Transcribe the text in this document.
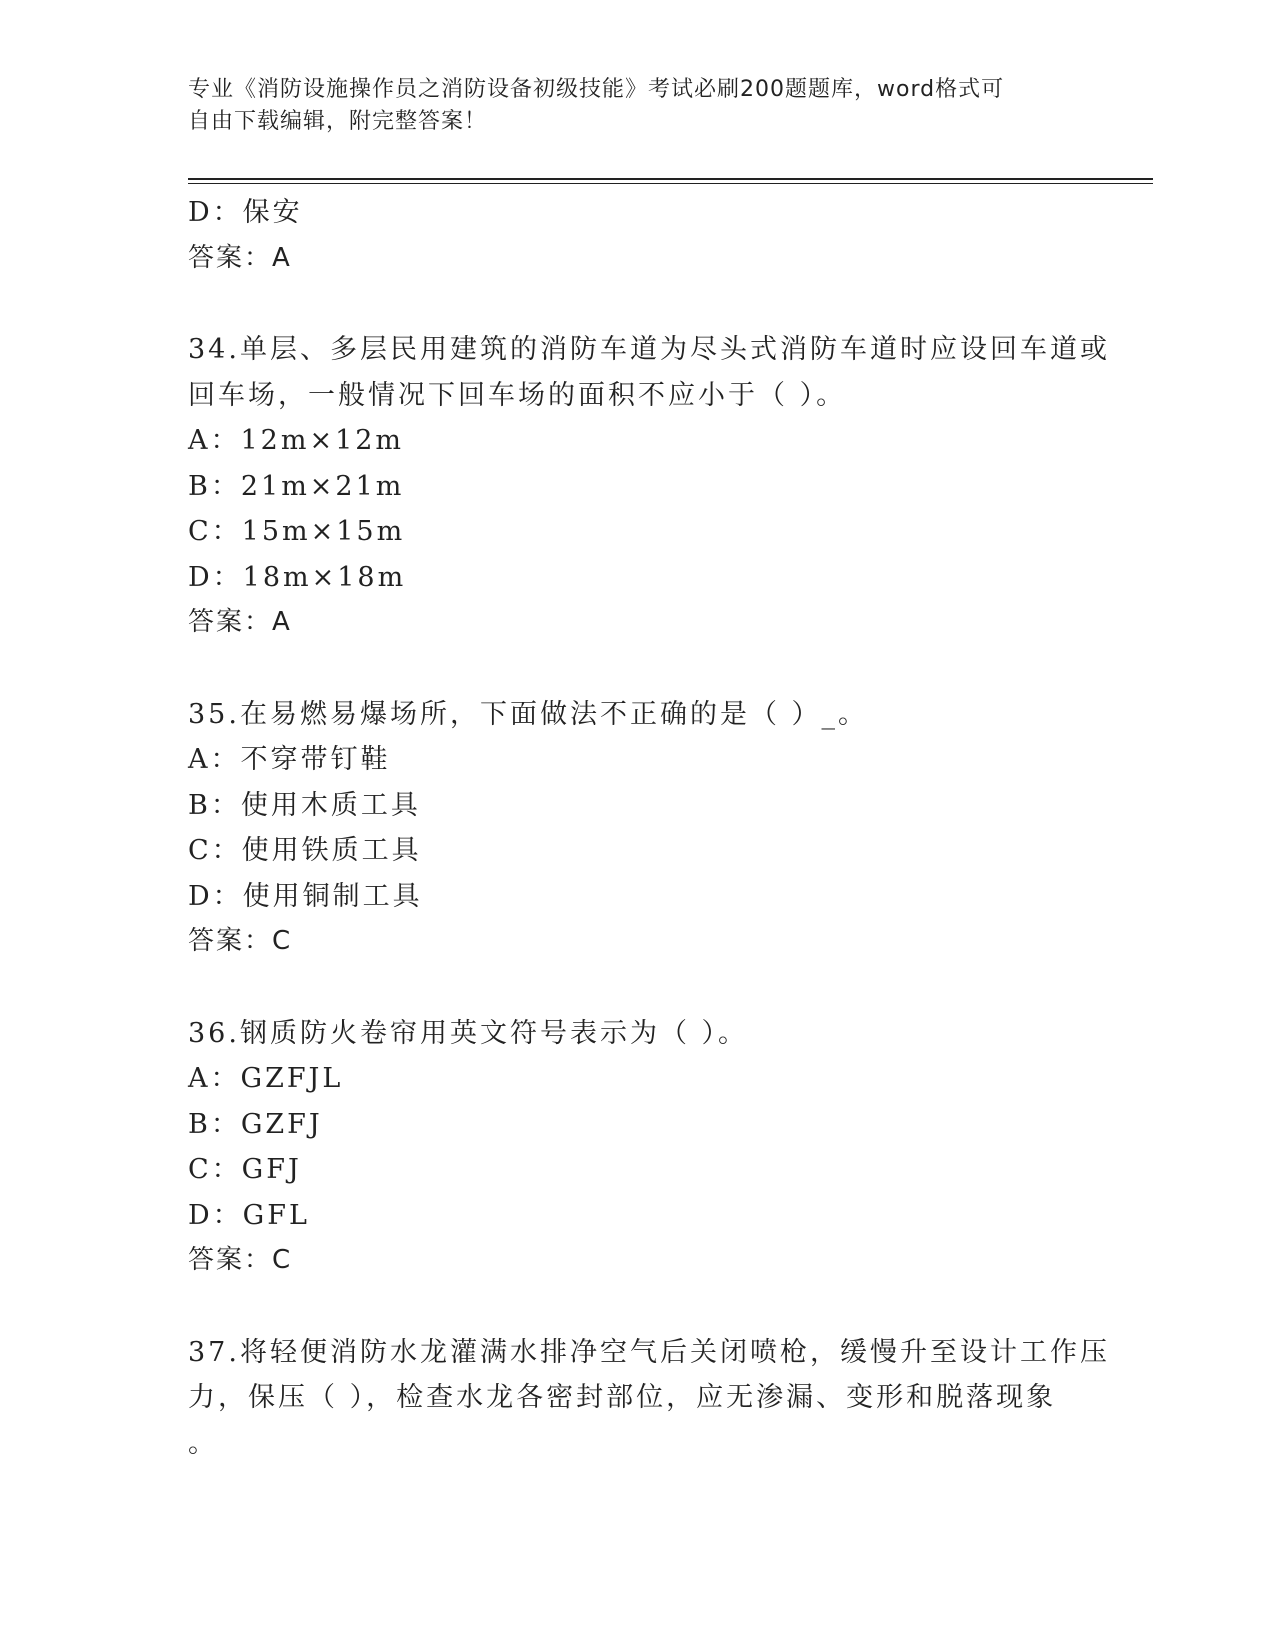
专业《消防设施操作员之消防设备初级技能》考试必刷200题题库，word格式可
自由下载编辑，附完整答案！
D：保安
答案：A
34.单层、多层民用建筑的消防车道为尽头式消防车道时应设回车道或
回车场，一般情况下回车场的面积不应小于（ ）。
A：12m×12m
B：21m×21m
C：15m×15m
D：18m×18m
答案：A
35.在易燃易爆场所，下面做法不正确的是（ ）_。
A：不穿带钉鞋
B：使用木质工具
C：使用铁质工具
D：使用铜制工具
答案：C
36.钢质防火卷帘用英文符号表示为（ ）。
A：GZFJL
B：GZFJ
C：GFJ
D：GFL
答案：C
37.将轻便消防水龙灌满水排净空气后关闭喷枪，缓慢升至设计工作压
力，保压（ ），检查水龙各密封部位，应无渗漏、变形和脱落现象
。
